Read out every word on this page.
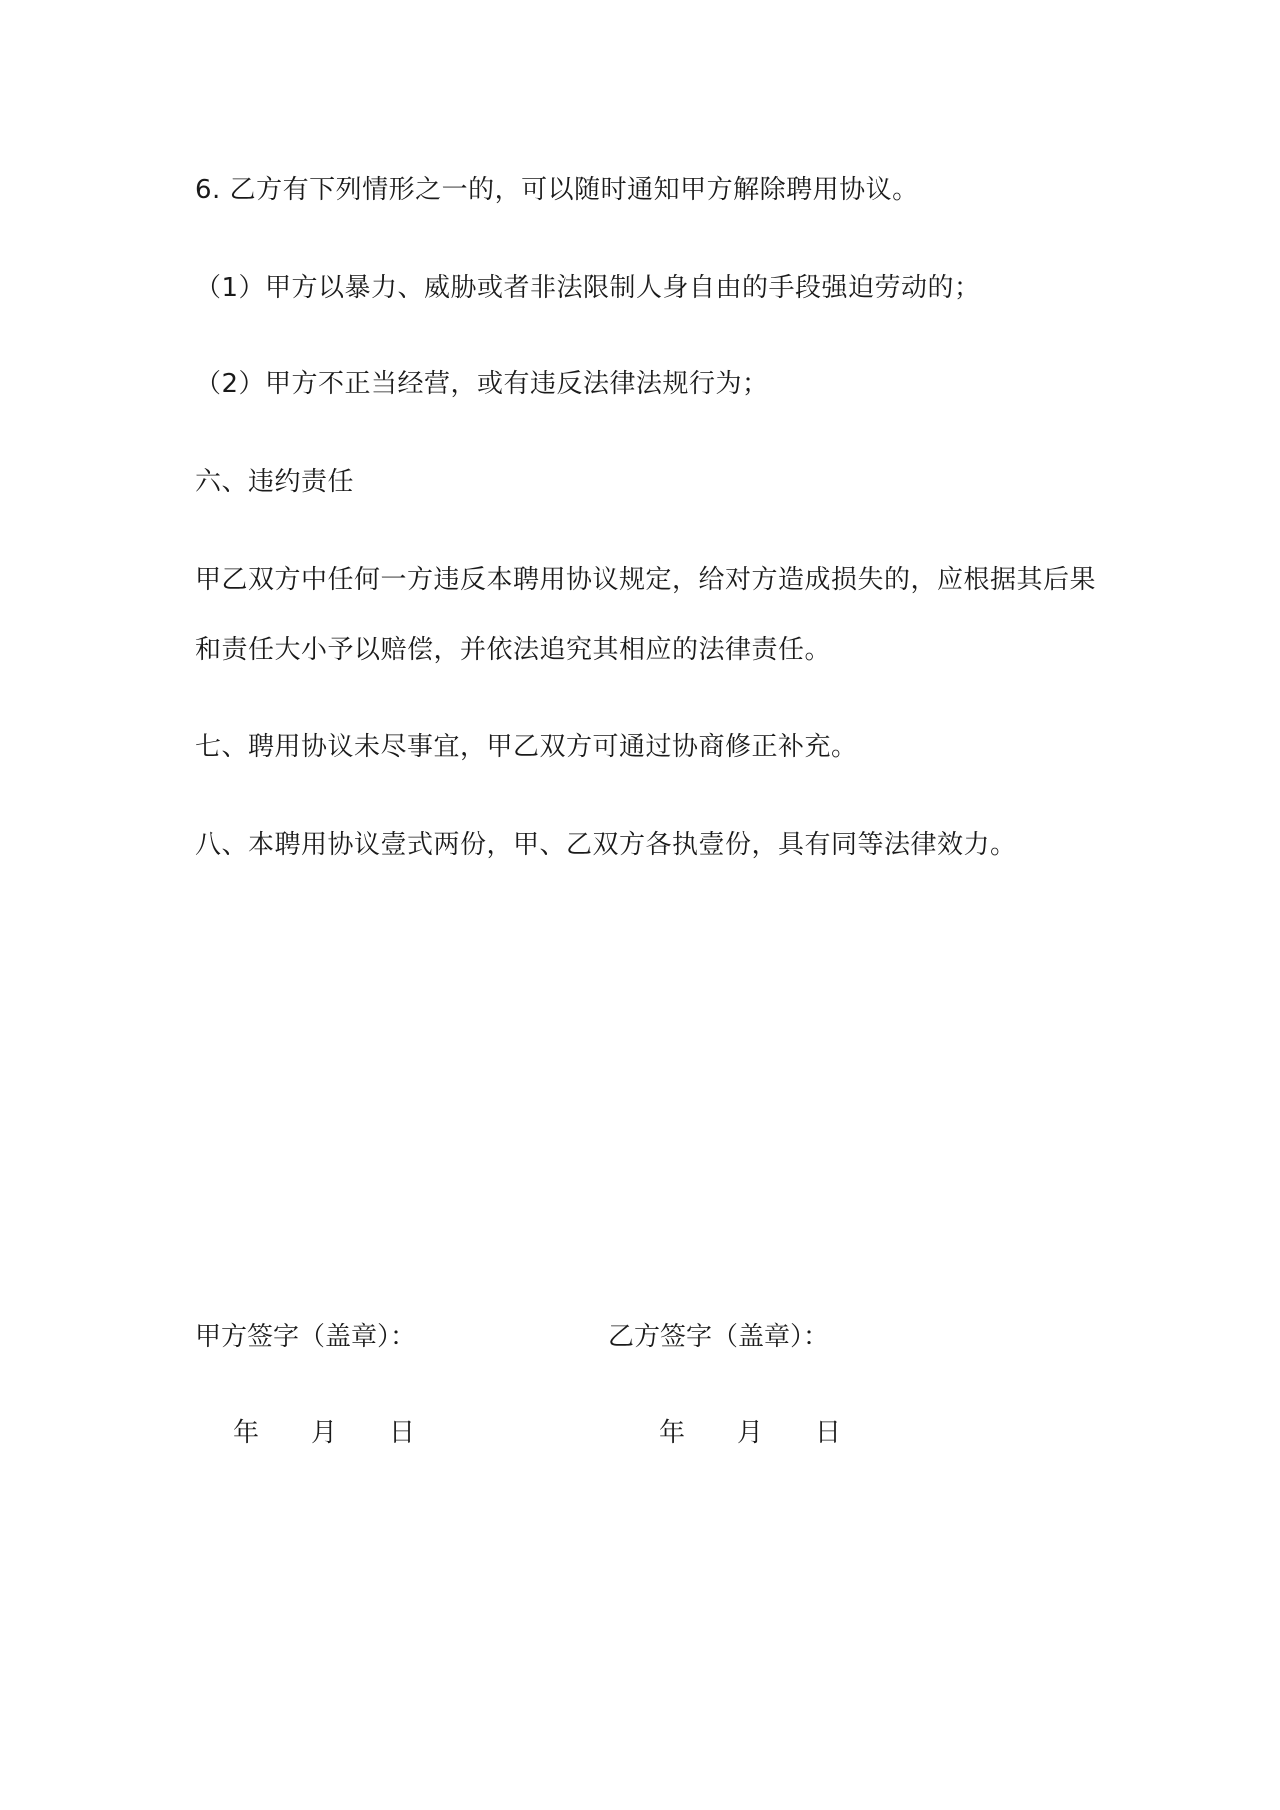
6. 乙方有下列情形之一的，可以随时通知甲方解除聘用协议。
（1）甲方以暴力、威胁或者非法限制人身自由的手段强迫劳动的；
（2）甲方不正当经营，或有违反法律法规行为；
六、违约责任
甲乙双方中任何一方违反本聘用协议规定，给对方造成损失的，应根据其后果
和责任大小予以赔偿，并依法追究其相应的法律责任。
七、聘用协议未尽事宜，甲乙双方可通过协商修正补充。
八、本聘用协议壹式两份，甲、乙双方各执壹份，具有同等法律效力。
甲方签字（盖章）：	乙方签字（盖章）：
年 月 日	年 月 日
